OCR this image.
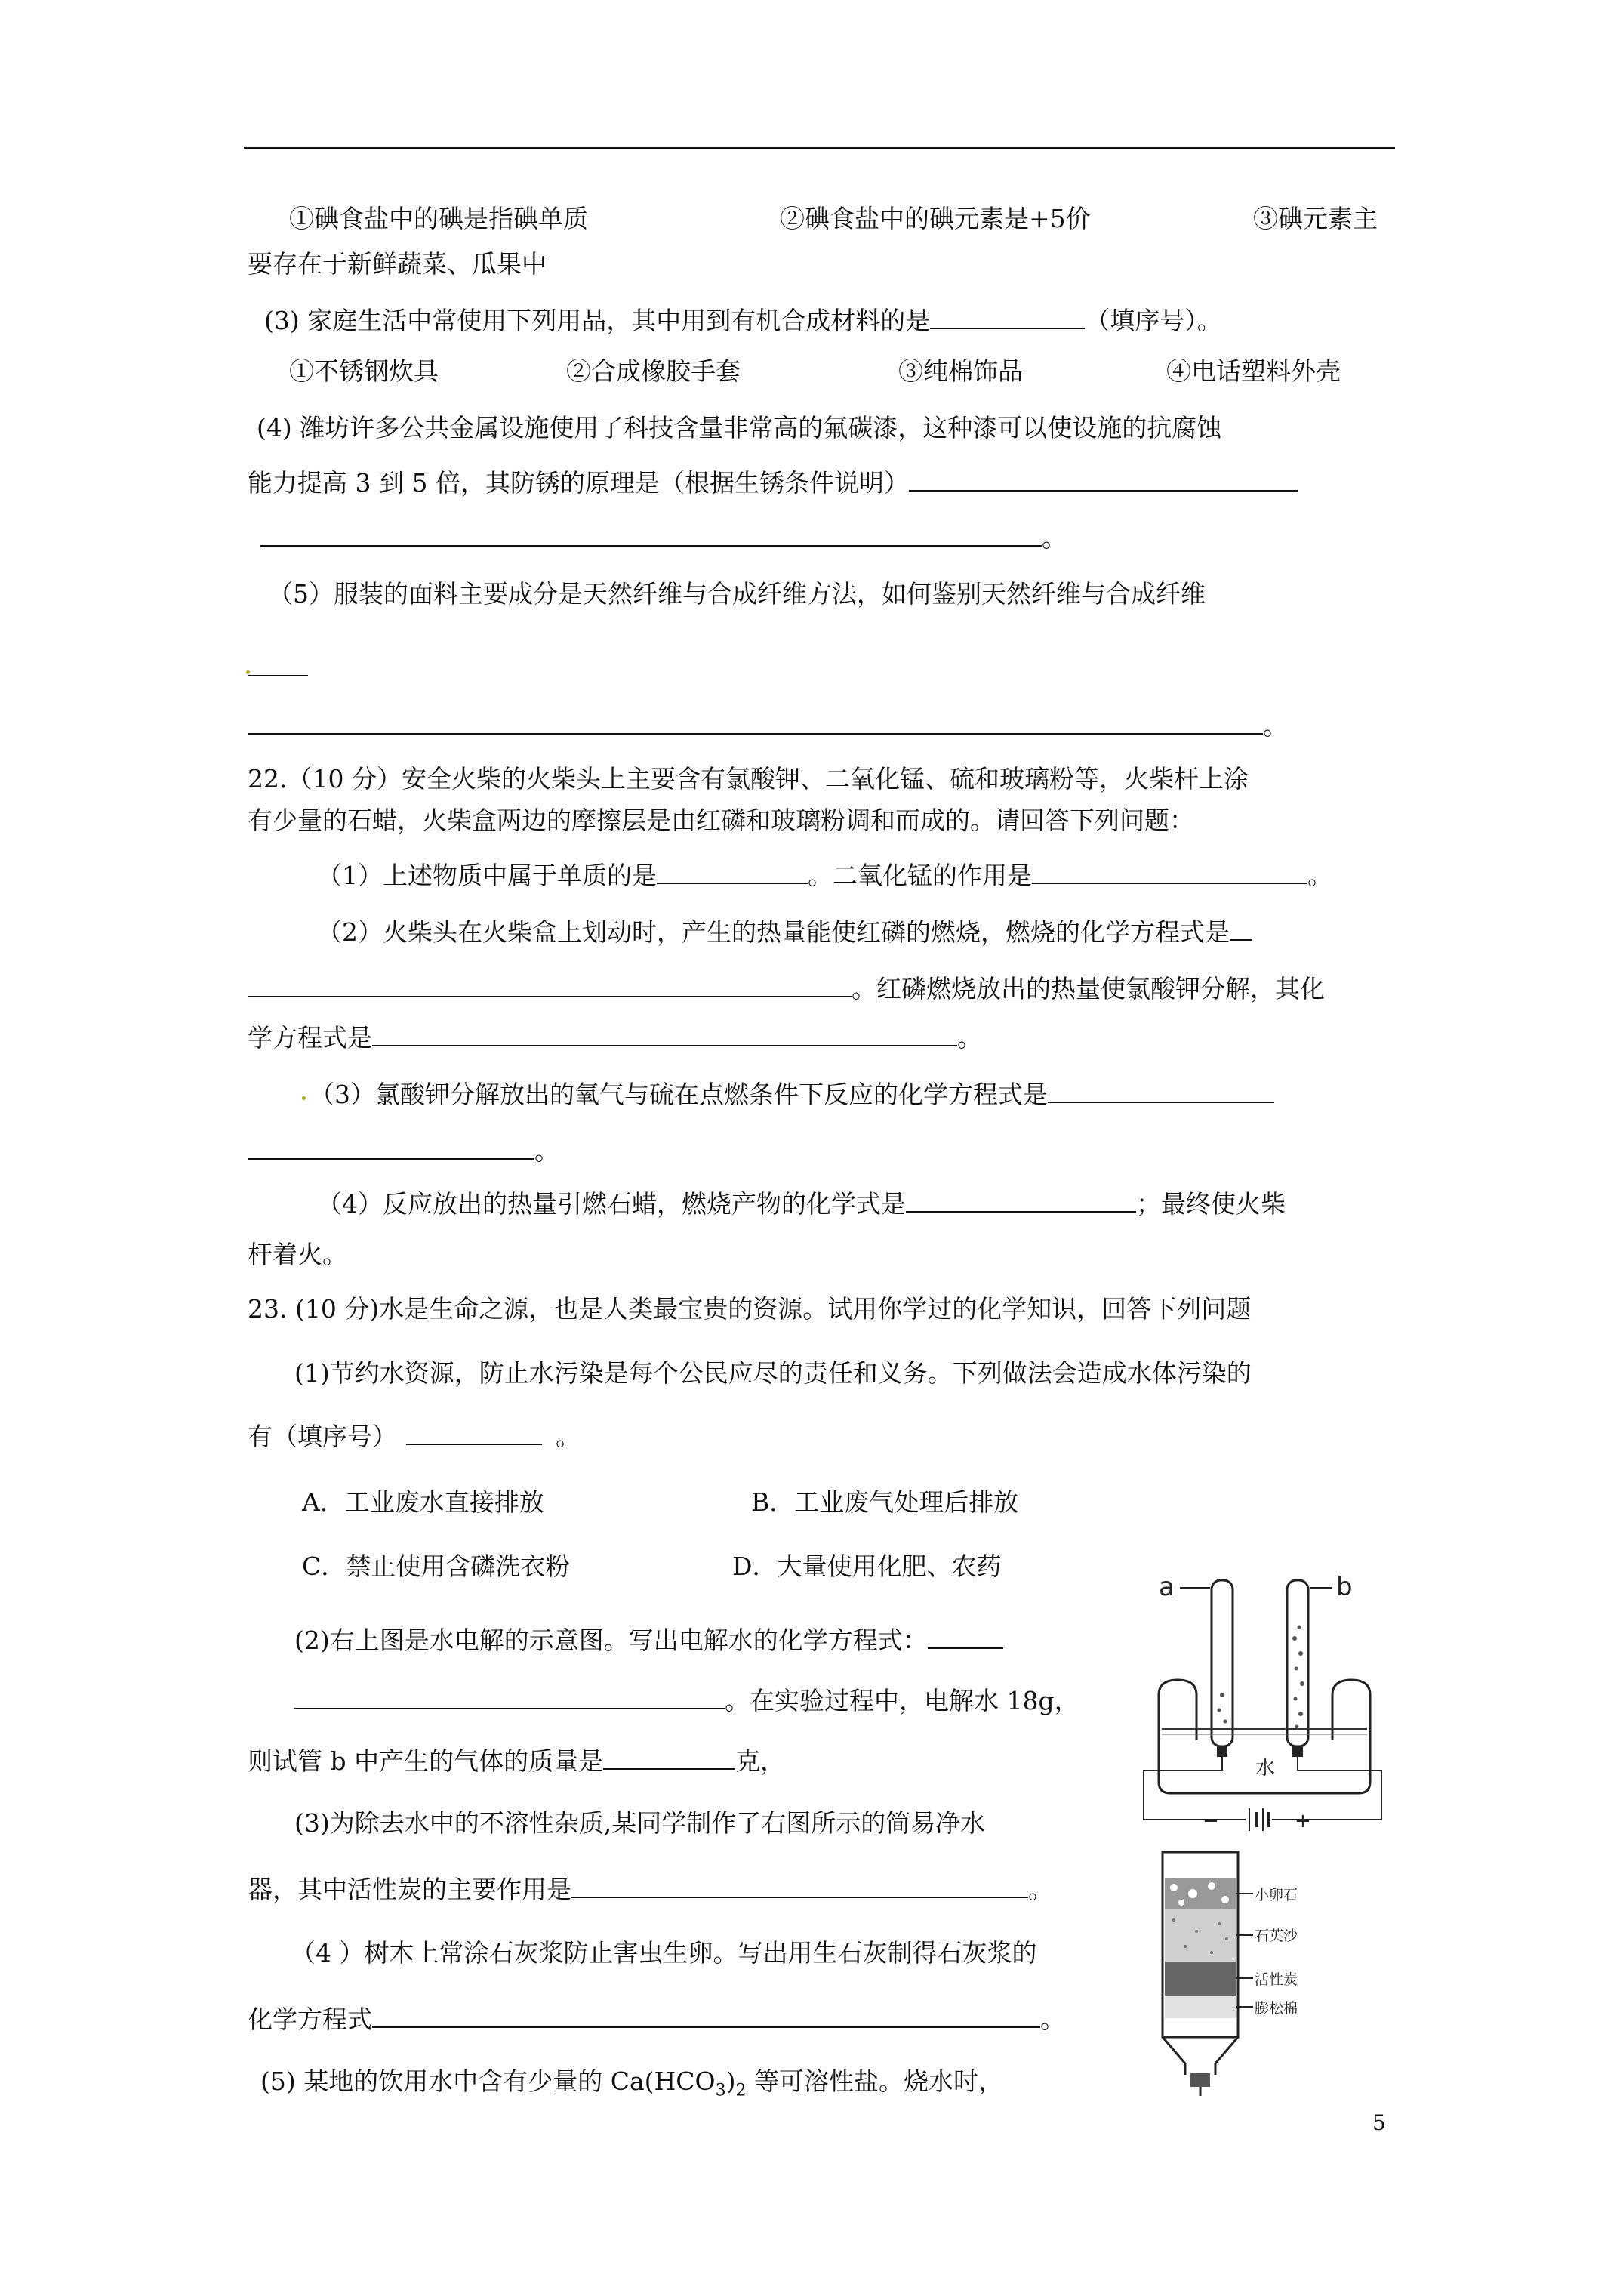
①碘食盐中的碘是指碘单质	②碘食盐中的碘元素是+5价	③碘元素主
要存在于新鲜蔬菜、瓜果中
(3) 家庭生活中常使用下列用品，其中用到有机合成材料的是	（填序号）。
①不锈钢炊具	②合成橡胶手套	③纯棉饰品	④电话塑料外壳
(4) 潍坊许多公共金属设施使用了科技含量非常高的氟碳漆，这种漆可以使设施的抗腐蚀
能力提高 3 到 5 倍，其防锈的原理是（根据生锈条件说明）
。
（5）服装的面料主要成分是天然纤维与合成纤维方法，如何鉴别天然纤维与合成纤维
。
22.（10 分）安全火柴的火柴头上主要含有氯酸钾、二氧化锰、硫和玻璃粉等，火柴杆上涂
有少量的石蜡，火柴盒两边的摩擦层是由红磷和玻璃粉调和而成的。请回答下列问题：
（1）上述物质中属于单质的是	。二氧化锰的作用是	。
（2）火柴头在火柴盒上划动时，产生的热量能使红磷的燃烧，燃烧的化学方程式是
。红磷燃烧放出的热量使氯酸钾分解，其化
学方程式是	。
（3）氯酸钾分解放出的氧气与硫在点燃条件下反应的化学方程式是
。
（4）反应放出的热量引燃石蜡，燃烧产物的化学式是	；最终使火柴
杆着火。
23. (10 分)水是生命之源，也是人类最宝贵的资源。试用你学过的化学知识，回答下列问题
(1)节约水资源，防止水污染是每个公民应尽的责任和义务。下列做法会造成水体污染的
有（填序号）	。
A．工业废水直接排放	B．工业废气处理后排放
C．禁止使用含磷洗衣粉	D．大量使用化肥、农药
(2)右上图是水电解的示意图。写出电解水的化学方程式：
。在实验过程中，电解水 18g，
则试管 b 中产生的气体的质量是	克，
(3)为除去水中的不溶性杂质,某同学制作了右图所示的简易净水
器，其中活性炭的主要作用是	。
（4 ）树木上常涂石灰浆防止害虫生卵。写出用生石灰制得石灰浆的
化学方程式	。
(5) 某地的饮用水中含有少量的 $Ca(HCO_3)_2$ 等可溶性盐。烧水时，
a	b
水
−	+
小卵石
石英沙
活性炭
膨松棉
5
